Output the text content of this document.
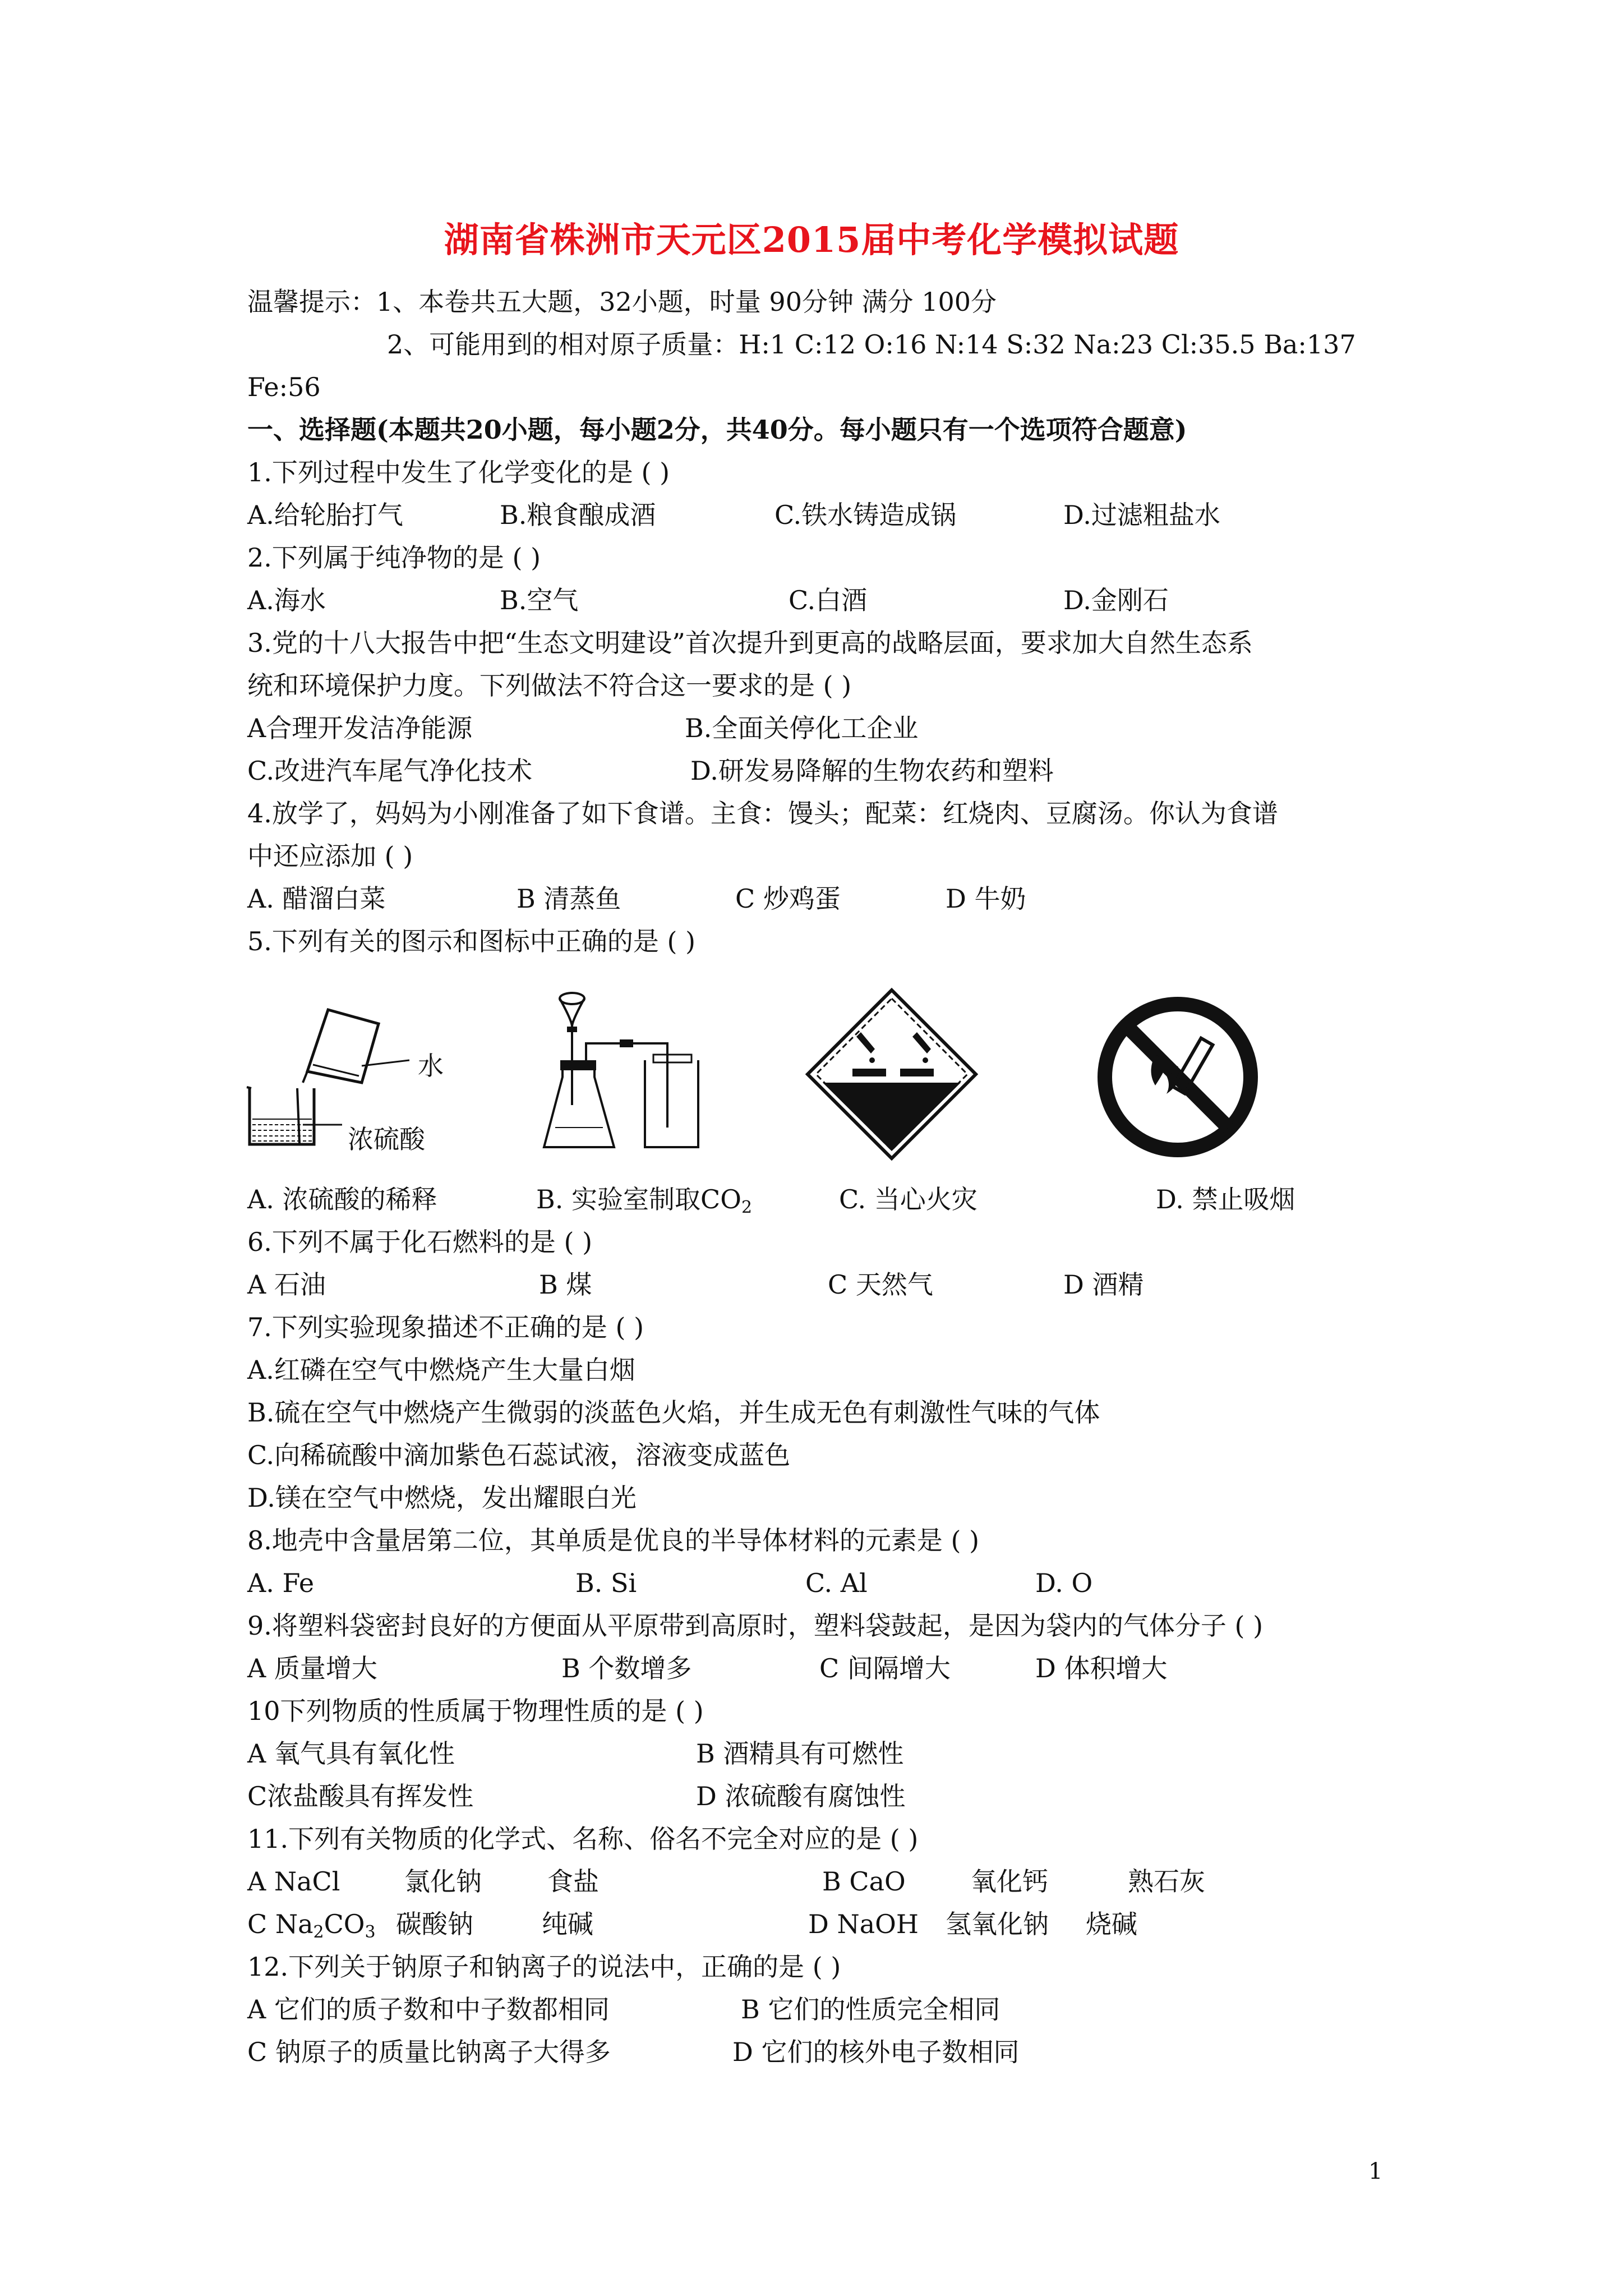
湖南省株洲市天元区2015届中考化学模拟试题
温馨提示：1、本卷共五大题，32小题，时量 90分钟 满分 100分
2、可能用到的相对原子质量：H:1 C:12 O:16 N:14 S:32 Na:23 Cl:35.5 Ba:137
Fe:56
一、选择题(本题共20小题，每小题2分，共40分。每小题只有一个选项符合题意)
1.下列过程中发生了化学变化的是 ( )
A.给轮胎打气	B.粮食酿成酒	C.铁水铸造成锅	D.过滤粗盐水
2.下列属于纯净物的是 ( )
A.海水	B.空气	C.白酒	D.金刚石
3.党的十八大报告中把“生态文明建设”首次提升到更高的战略层面，要求加大自然生态系
统和环境保护力度。下列做法不符合这一要求的是 ( )
A合理开发洁净能源	B.全面关停化工企业
C.改进汽车尾气净化技术	D.研发易降解的生物农药和塑料
4.放学了，妈妈为小刚准备了如下食谱。主食：馒头；配菜：红烧肉、豆腐汤。你认为食谱
中还应添加 ( )
A. 醋溜白菜	B 清蒸鱼	C 炒鸡蛋	D 牛奶
5.下列有关的图示和图标中正确的是 ( )
水
浓硫酸
A. 浓硫酸的稀释	B. 实验室制取$CO_2$	C. 当心火灾	D. 禁止吸烟
6.下列不属于化石燃料的是 ( )
A 石油	B 煤	C 天然气	D 酒精
7.下列实验现象描述不正确的是 ( )
A.红磷在空气中燃烧产生大量白烟
B.硫在空气中燃烧产生微弱的淡蓝色火焰，并生成无色有刺激性气味的气体
C.向稀硫酸中滴加紫色石蕊试液，溶液变成蓝色
D.镁在空气中燃烧，发出耀眼白光
8.地壳中含量居第二位，其单质是优良的半导体材料的元素是 ( )
A. Fe	B. Si	C. Al	D. O
9.将塑料袋密封良好的方便面从平原带到高原时，塑料袋鼓起，是因为袋内的气体分子 ( )
A 质量增大	B 个数增多	C 间隔增大	D 体积增大
10下列物质的性质属于物理性质的是 ( )
A 氧气具有氧化性	B 酒精具有可燃性
C浓盐酸具有挥发性	D 浓硫酸有腐蚀性
11.下列有关物质的化学式、名称、俗名不完全对应的是 ( )
A NaCl 氯化钠	食盐	B CaO	氧化钙	熟石灰
C $Na_2CO_3$ 碳酸钠	纯碱	D NaOH 氢氧化钠 烧碱
12.下列关于钠原子和钠离子的说法中，正确的是 ( )
A 它们的质子数和中子数都相同	B 它们的性质完全相同
C 钠原子的质量比钠离子大得多	D 它们的核外电子数相同
1
